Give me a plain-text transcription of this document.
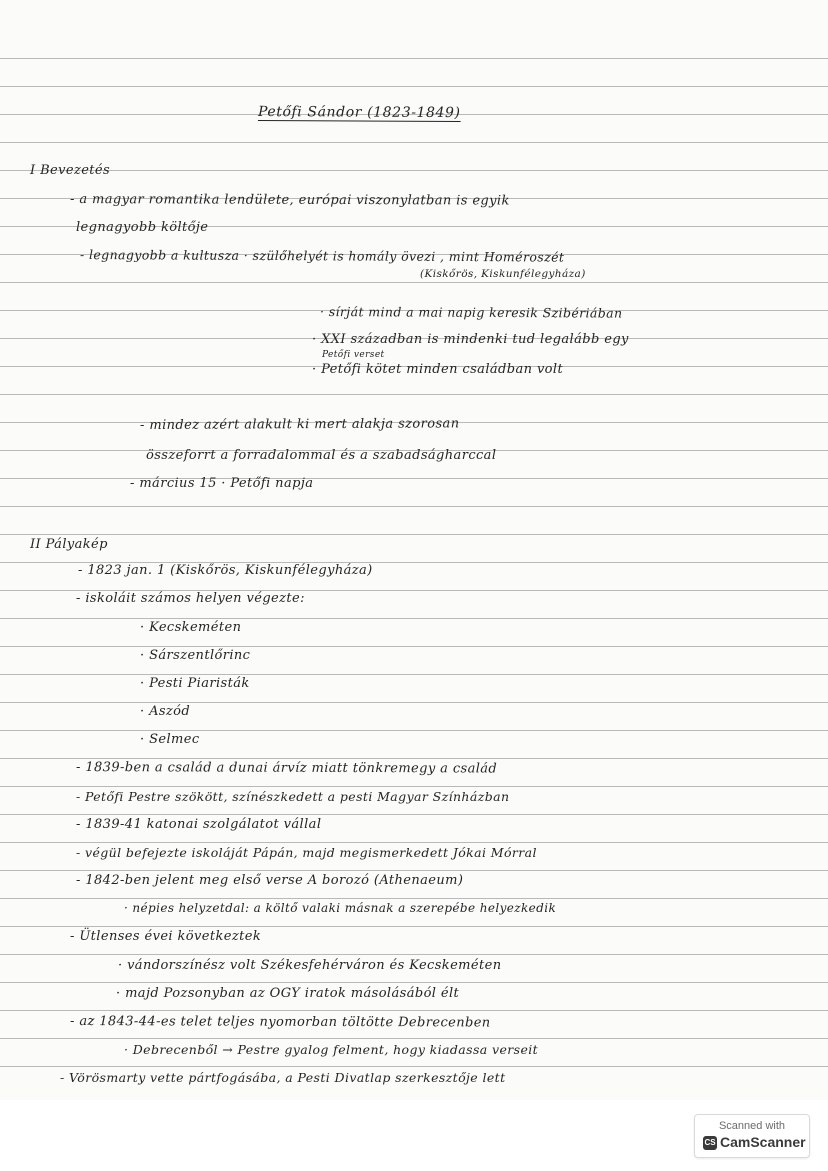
Petőfi Sándor (1823-1849)
I Bevezetés
- a magyar romantika lendülete, európai viszonylatban is egyik
legnagyobb költője
- legnagyobb a kultusza · szülőhelyét is homály övezi , mint Homéroszét
(Kiskőrös, Kiskunfélegyháza)
· sírját mind a mai napig keresik Szibériában
· XXI században is mindenki tud legalább egy
Petőfi verset
· Petőfi kötet minden családban volt
- mindez azért alakult ki mert alakja szorosan
összeforrt a forradalommal és a szabadságharccal
- március 15 · Petőfi napja
II Pályakép
- 1823 jan. 1 (Kiskőrös, Kiskunfélegyháza)
- iskoláit számos helyen végezte:
· Kecskeméten
· Sárszentlőrinc
· Pesti Piaristák
· Aszód
· Selmec
- 1839-ben a család a dunai árvíz miatt tönkremegy a család
- Petőfi Pestre szökött, színészkedett a pesti Magyar Színházban
- 1839-41 katonai szolgálatot vállal
- végül befejezte iskoláját Pápán, majd megismerkedett Jókai Mórral
- 1842-ben jelent meg első verse A borozó (Athenaeum)
· népies helyzetdal: a költő valaki másnak a szerepébe helyezkedik
- Ütlenses évei következtek
· vándorszínész volt Székesfehérváron és Kecskeméten
· majd Pozsonyban az OGY iratok másolásából élt
- az 1843-44-es telet teljes nyomorban töltötte Debrecenben
· Debrecenből → Pestre gyalog felment, hogy kiadassa verseit
- Vörösmarty vette pártfogásába, a Pesti Divatlap szerkesztője lett
Scanned with
CS CamScanner
